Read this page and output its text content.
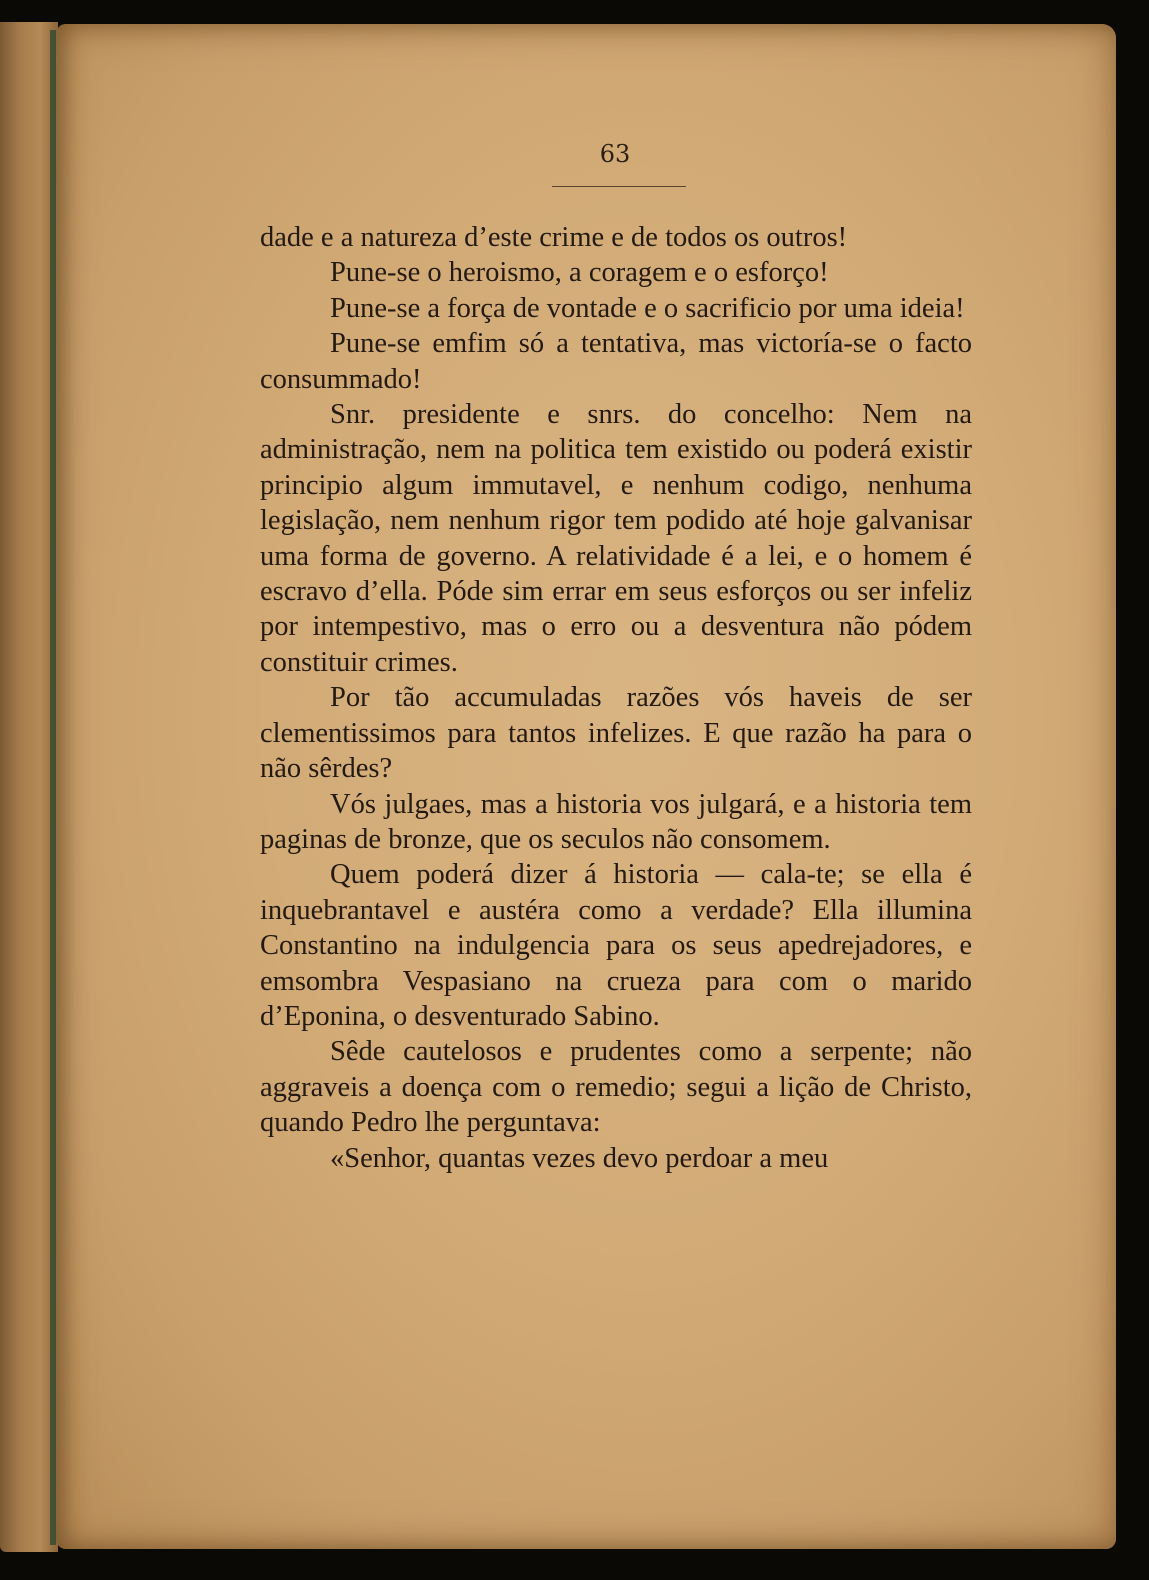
63

dade e a natureza d’este crime e de todos os outros!

Pune-se o heroismo, a coragem e o esforço!

Pune-se a força de vontade e o sacrificio por uma ideia!

Pune-se emfim só a tentativa, mas victoría-se o facto consummado!

Snr. presidente e snrs. do concelho: Nem na administração, nem na politica tem existido ou poderá existir principio algum immutavel, e nenhum codigo, nenhuma legislação, nem nenhum rigor tem podido até hoje galvanisar uma forma de governo. A relatividade é a lei, e o homem é escravo d’ella. Póde sim errar em seus esforços ou ser infeliz por intempestivo, mas o erro ou a desventura não pódem constituir crimes.

Por tão accumuladas razões vós haveis de ser clementissimos para tantos infelizes. E que razão ha para o não sêrdes?

Vós julgaes, mas a historia vos julgará, e a historia tem paginas de bronze, que os seculos não consomem.

Quem poderá dizer á historia — cala-te; se ella é inquebrantavel e austéra como a verdade? Ella illumina Constantino na indulgencia para os seus apedrejadores, e emsombra Vespasiano na crueza para com o marido d’Eponina, o desventurado Sabino.

Sêde cautelosos e prudentes como a serpente; não aggraveis a doença com o remedio; segui a lição de Christo, quando Pedro lhe perguntava:

«Senhor, quantas vezes devo perdoar a meu
